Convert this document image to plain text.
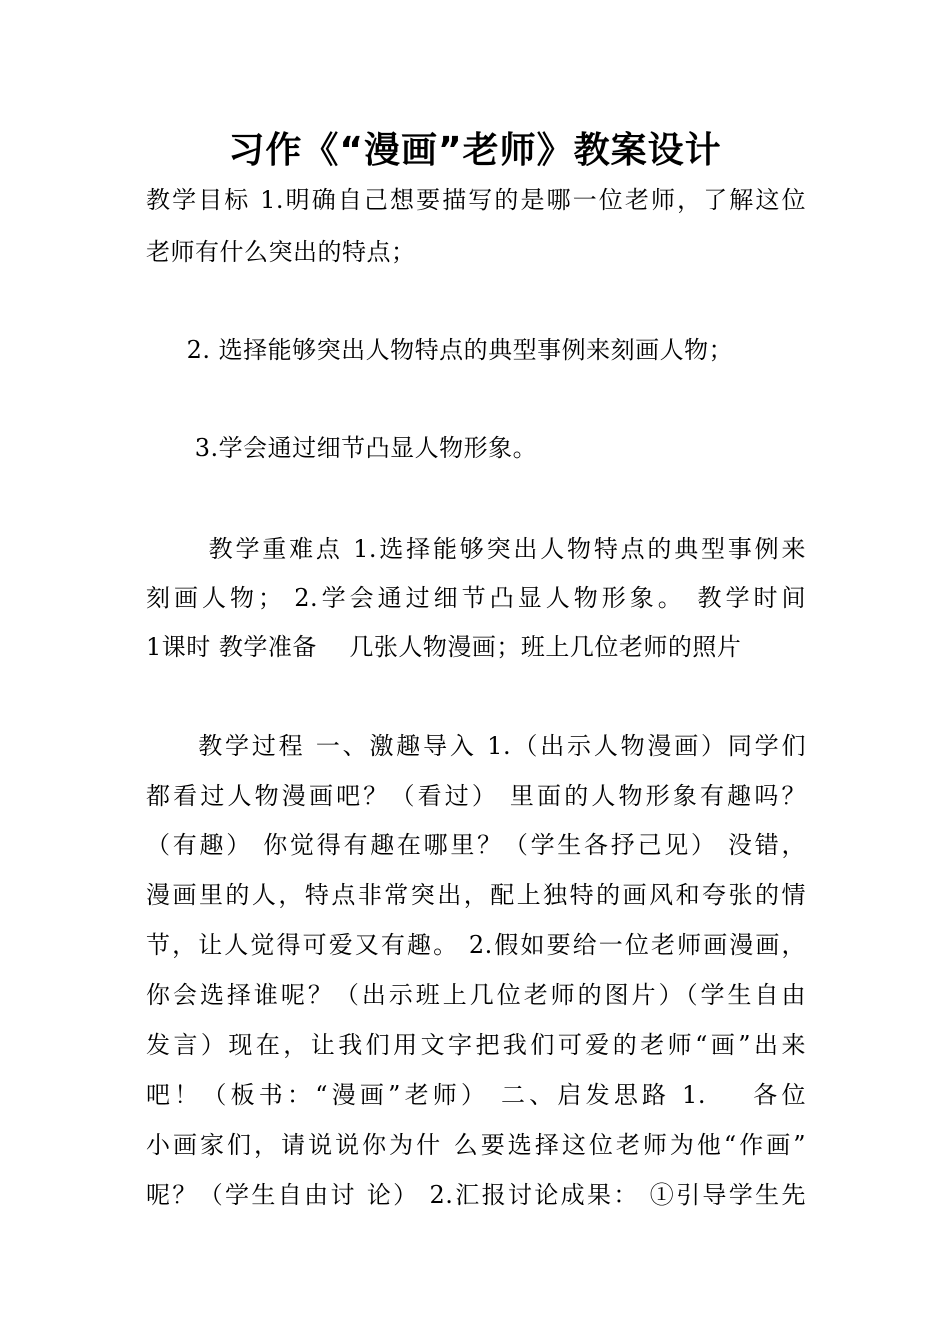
习作《“漫画”老师》教案设计
教学目标 1.明确自己想要描写的是哪一位老师，了解这位
老师有什么突出的特点；
2. 选择能够突出人物特点的典型事例来刻画人物；
3.学会通过细节凸显人物形象。
教学重难点 1.选择能够突出人物特点的典型事例来
刻画人物； 2.学会通过细节凸显人物形象。 教学时间
1课时 教学准备    几张人物漫画；班上几位老师的照片
教学过程 一、激趣导入 1.（出示人物漫画）同学们
都看过人物漫画吧？（看过） 里面的人物形象有趣吗？
（有趣） 你觉得有趣在哪里？（学生各抒己见） 没错，
漫画里的人，特点非常突出，配上独特的画风和夸张的情
节，让人觉得可爱又有趣。 2.假如要给一位老师画漫画，
你会选择谁呢？（出示班上几位老师的图片）（学生自由
发言）现在，让我们用文字把我们可爱的老师“画”出来
吧！（板书：“漫画”老师） 二、启发思路 1.    各位
小画家们，请说说你为什 么要选择这位老师为他“作画”
呢？（学生自由讨 论） 2.汇报讨论成果： ①引导学生先
